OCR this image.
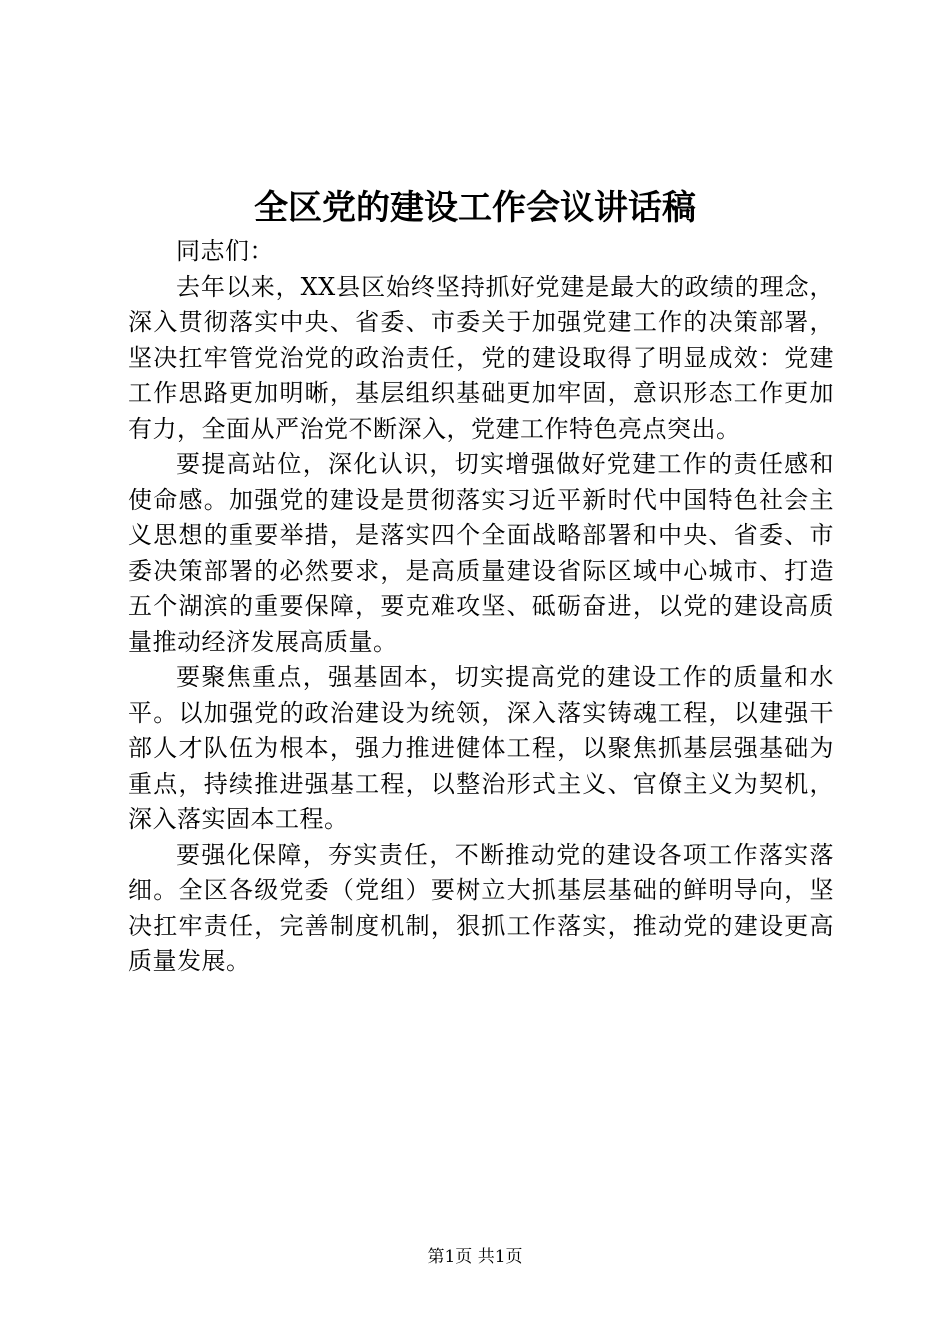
全区党的建设工作会议讲话稿

同志们：

去年以来，XX县区始终坚持抓好党建是最大的政绩的理念，深入贯彻落实中央、省委、市委关于加强党建工作的决策部署，坚决扛牢管党治党的政治责任，党的建设取得了明显成效：党建工作思路更加明晰，基层组织基础更加牢固，意识形态工作更加有力，全面从严治党不断深入，党建工作特色亮点突出。

要提高站位，深化认识，切实增强做好党建工作的责任感和使命感。加强党的建设是贯彻落实习近平新时代中国特色社会主义思想的重要举措，是落实四个全面战略部署和中央、省委、市委决策部署的必然要求，是高质量建设省际区域中心城市、打造五个湖滨的重要保障，要克难攻坚、砥砺奋进，以党的建设高质量推动经济发展高质量。

要聚焦重点，强基固本，切实提高党的建设工作的质量和水平。以加强党的政治建设为统领，深入落实铸魂工程，以建强干部人才队伍为根本，强力推进健体工程，以聚焦抓基层强基础为重点，持续推进强基工程，以整治形式主义、官僚主义为契机，深入落实固本工程。

要强化保障，夯实责任，不断推动党的建设各项工作落实落细。全区各级党委（党组）要树立大抓基层基础的鲜明导向，坚决扛牢责任，完善制度机制，狠抓工作落实，推动党的建设更高质量发展。

第1页 共1页
